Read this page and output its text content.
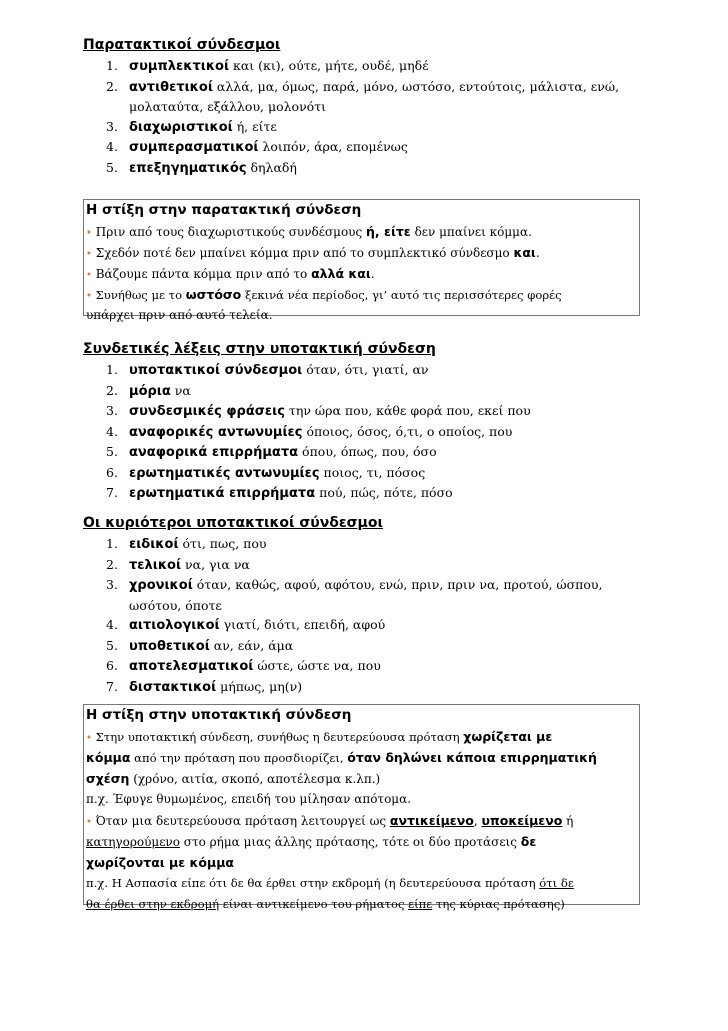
Παρατακτικοί σύνδεσμοι
1. συμπλεκτικοί και (κι), ούτε, μήτε, ουδέ, μηδέ
2. αντιθετικοί αλλά, μα, όμως, παρά, μόνο, ωστόσο, εντούτοις, μάλιστα, ενώ, μολαταύτα, εξάλλου, μολονότι
3. διαχωριστικοί ή, είτε
4. συμπερασματικοί λοιπόν, άρα, επομένως
5. επεξηγηματικός δηλαδή
Η στίξη στην παρατακτική σύνδεση
• Πριν από τους διαχωριστικούς συνδέσμους ή, είτε δεν μπαίνει κόμμα.
• Σχεδόν ποτέ δεν μπαίνει κόμμα πριν από το συμπλεκτικό σύνδεσμο και.
• Βάζουμε πάντα κόμμα πριν από το αλλά και.
• Συνήθως με το ωστόσο ξεκινά νέα περίοδος, γι’ αυτό τις περισσότερες φορές
υπάρχει πριν από αυτό τελεία.
Συνδετικές λέξεις στην υποτακτική σύνδεση
1. υποτακτικοί σύνδεσμοι όταν, ότι, γιατί, αν
2. μόρια να
3. συνδεσμικές φράσεις την ώρα που, κάθε φορά που, εκεί που
4. αναφορικές αντωνυμίες όποιος, όσος, ό,τι, ο οποίος, που
5. αναφορικά επιρρήματα όπου, όπως, που, όσο
6. ερωτηματικές αντωνυμίες ποιος, τι, πόσος
7. ερωτηματικά επιρρήματα πού, πώς, πότε, πόσο
Οι κυριότεροι υποτακτικοί σύνδεσμοι
1. ειδικοί ότι, πως, που
2. τελικοί να, για να
3. χρονικοί όταν, καθώς, αφού, αφότου, ενώ, πριν, πριν να, προτού, ώσπου, ωσότου, όποτε
4. αιτιολογικοί γιατί, διότι, επειδή, αφού
5. υποθετικοί αν, εάν, άμα
6. αποτελεσματικοί ώστε, ώστε να, που
7. διστακτικοί μήπως, μη(ν)
Η στίξη στην υποτακτική σύνδεση
• Στην υποτακτική σύνδεση, συνήθως η δευτερεύουσα πρόταση χωρίζεται με
κόμμα από την πρόταση που προσδιορίζει, όταν δηλώνει κάποια επιρρηματική
σχέση (χρόνο, αιτία, σκοπό, αποτέλεσμα κ.λπ.)
π.χ. Έφυγε θυμωμένος, επειδή του μίλησαν απότομα.
• Όταν μια δευτερεύουσα πρόταση λειτουργεί ως αντικείμενο, υποκείμενο ή
κατηγορούμενο στο ρήμα μιας άλλης πρότασης, τότε οι δύο προτάσεις δε
χωρίζονται με κόμμα
π.χ. Η Ασπασία είπε ότι δε θα έρθει στην εκδρομή (η δευτερεύουσα πρόταση ότι δε
θα έρθει στην εκδρομή είναι αντικείμενο του ρήματος είπε της κύριας πρότασης)
